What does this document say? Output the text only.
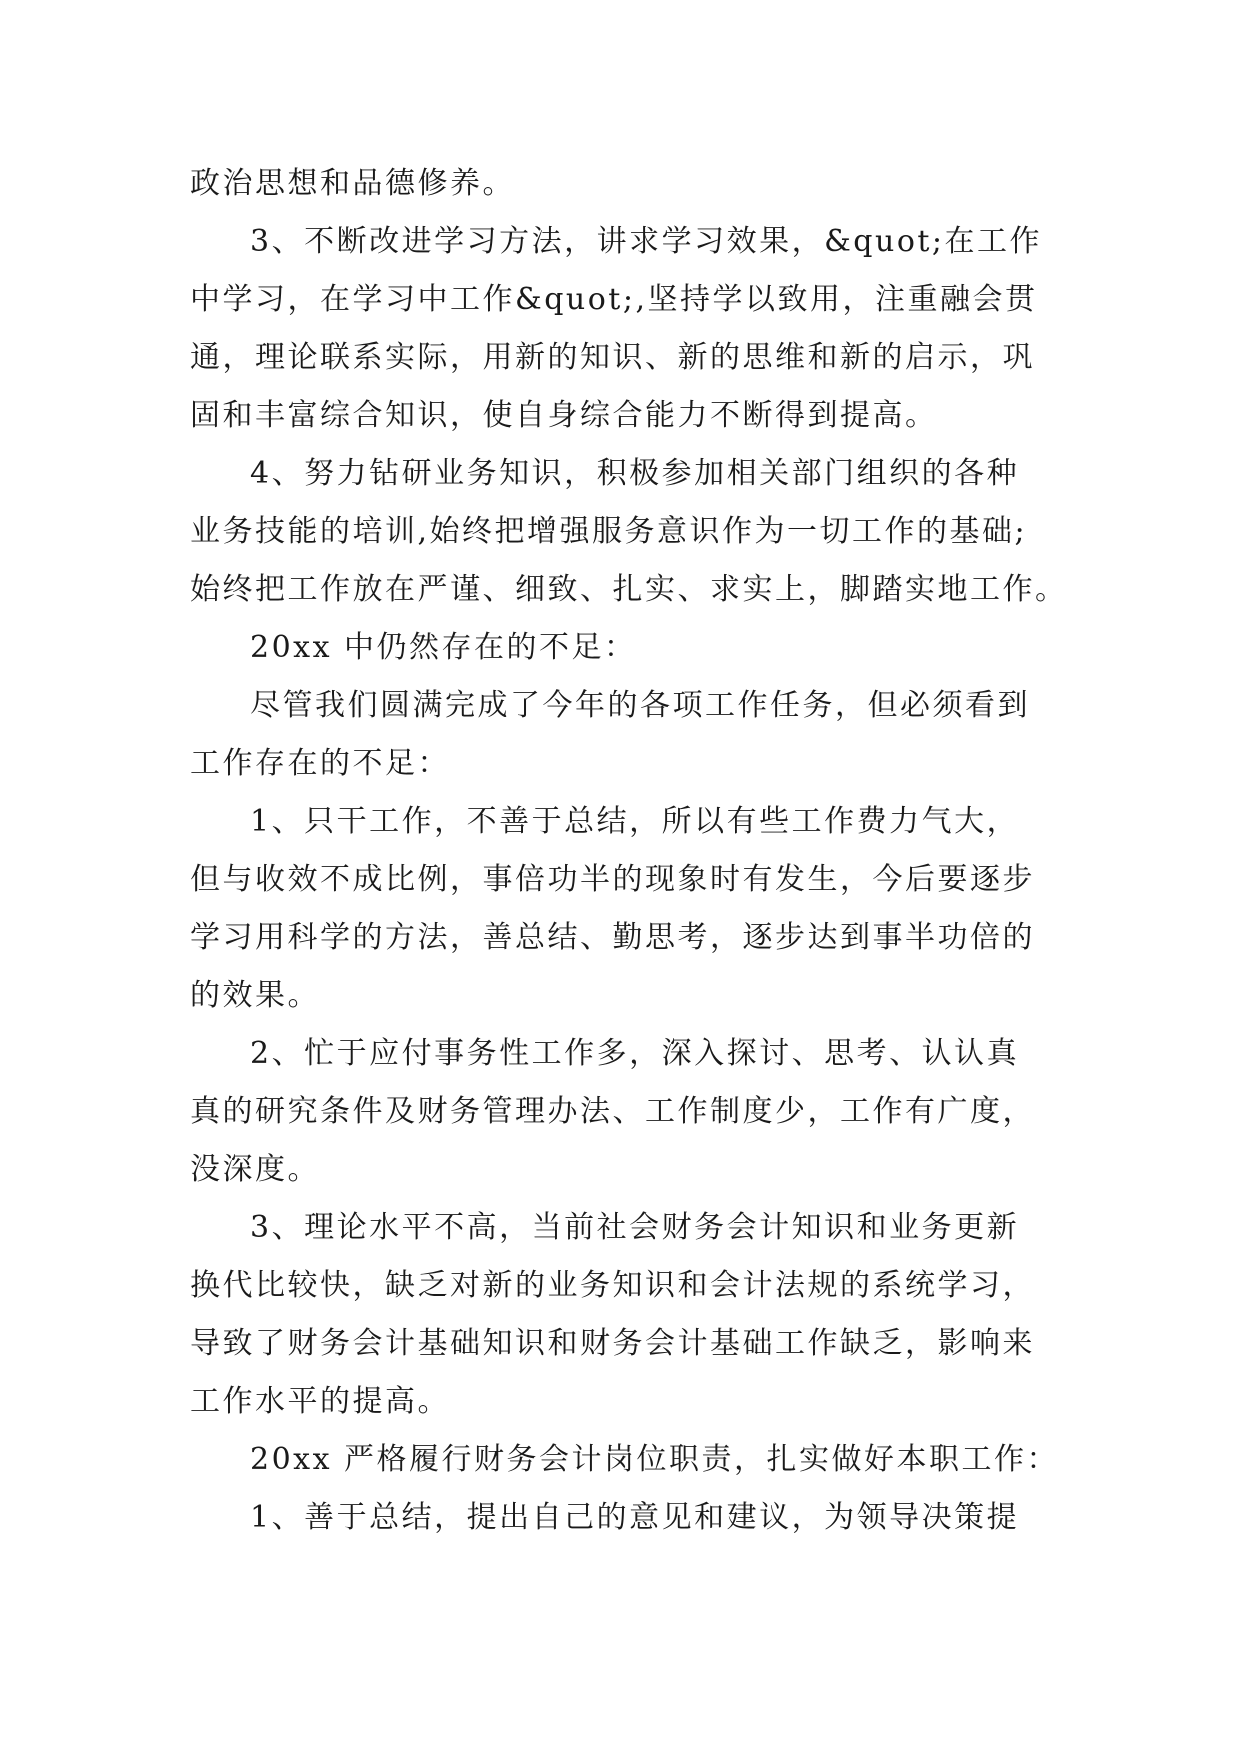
政治思想和品德修养。
3、不断改进学习方法，讲求学习效果，&quot;在工作
中学习，在学习中工作&quot;,坚持学以致用，注重融会贯
通，理论联系实际，用新的知识、新的思维和新的启示，巩
固和丰富综合知识，使自身综合能力不断得到提高。
4、努力钻研业务知识，积极参加相关部门组织的各种
业务技能的培训,始终把增强服务意识作为一切工作的基础;
始终把工作放在严谨、细致、扎实、求实上，脚踏实地工作。
20xx 中仍然存在的不足：
尽管我们圆满完成了今年的各项工作任务，但必须看到
工作存在的不足：
1、只干工作，不善于总结，所以有些工作费力气大，
但与收效不成比例，事倍功半的现象时有发生，今后要逐步
学习用科学的方法，善总结、勤思考，逐步达到事半功倍的
的效果。
2、忙于应付事务性工作多，深入探讨、思考、认认真
真的研究条件及财务管理办法、工作制度少，工作有广度，
没深度。
3、理论水平不高，当前社会财务会计知识和业务更新
换代比较快，缺乏对新的业务知识和会计法规的系统学习，
导致了财务会计基础知识和财务会计基础工作缺乏，影响来
工作水平的提高。
20xx 严格履行财务会计岗位职责，扎实做好本职工作：
1、善于总结，提出自己的意见和建议，为领导决策提
